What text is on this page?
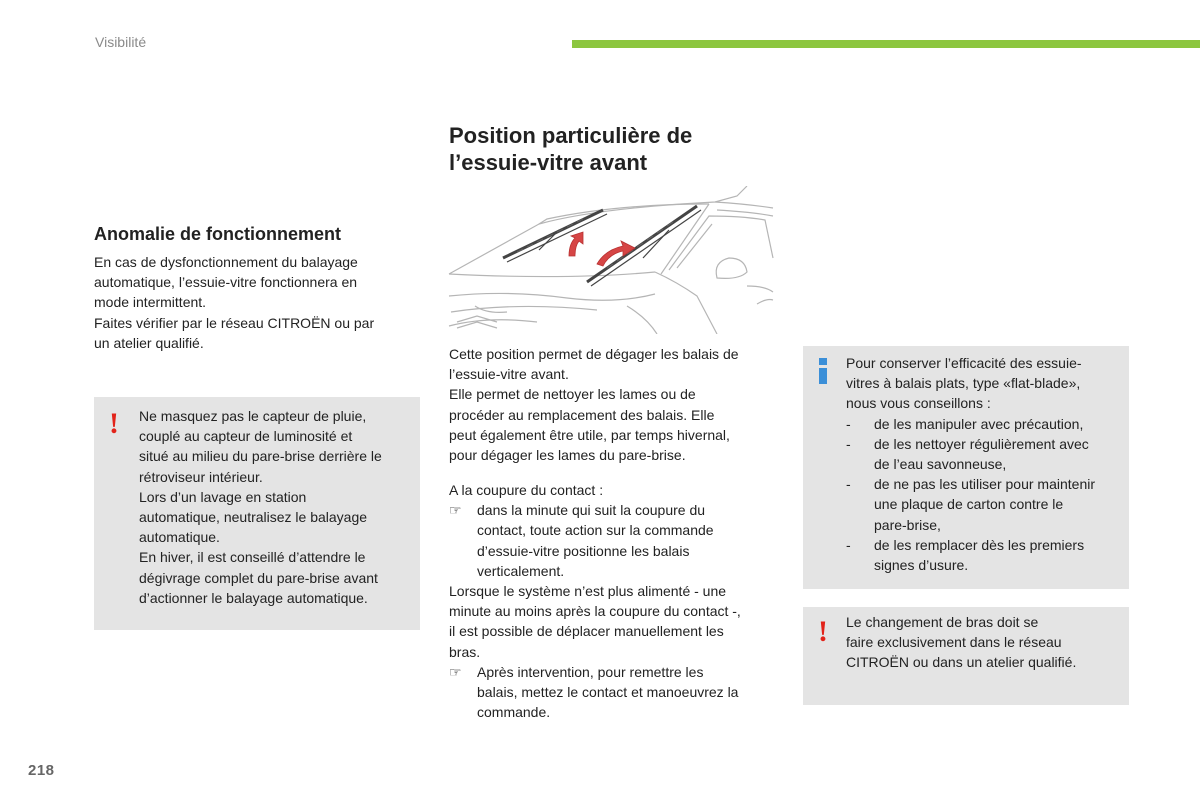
Visibilité
Position particulière de
l’essuie-vitre avant
Anomalie de fonctionnement
En cas de dysfonctionnement du balayage
automatique, l’essuie-vitre fonctionnera en
mode intermittent.
Faites vérifier par le réseau CITROËN ou par
un atelier qualifié.
! Ne masquez pas le capteur de pluie,
couplé au capteur de luminosité et
situé au milieu du pare-brise derrière le
rétroviseur intérieur.
Lors d’un lavage en station
automatique, neutralisez le balayage
automatique.
En hiver, il est conseillé d’attendre le
dégivrage complet du pare-brise avant
d’actionner le balayage automatique.
Cette position permet de dégager les balais de
l’essuie-vitre avant.
Elle permet de nettoyer les lames ou de
procéder au remplacement des balais. Elle
peut également être utile, par temps hivernal,
pour dégager les lames du pare-brise.
A la coupure du contact :
☞ dans la minute qui suit la coupure du
contact, toute action sur la commande
d’essuie-vitre positionne les balais
verticalement.
Lorsque le système n’est plus alimenté - une
minute au moins après la coupure du contact -,
il est possible de déplacer manuellement les
bras.
☞ Après intervention, pour remettre les
balais, mettez le contact et manoeuvrez la
commande.
Pour conserver l’efficacité des essuie-
vitres à balais plats, type «flat-blade»,
nous vous conseillons :
- de les manipuler avec précaution,
- de les nettoyer régulièrement avec
de l’eau savonneuse,
- de ne pas les utiliser pour maintenir
une plaque de carton contre le
pare-brise,
- de les remplacer dès les premiers
signes d’usure.
! Le changement de bras doit se
faire exclusivement dans le réseau
CITROËN ou dans un atelier qualifié.
218
